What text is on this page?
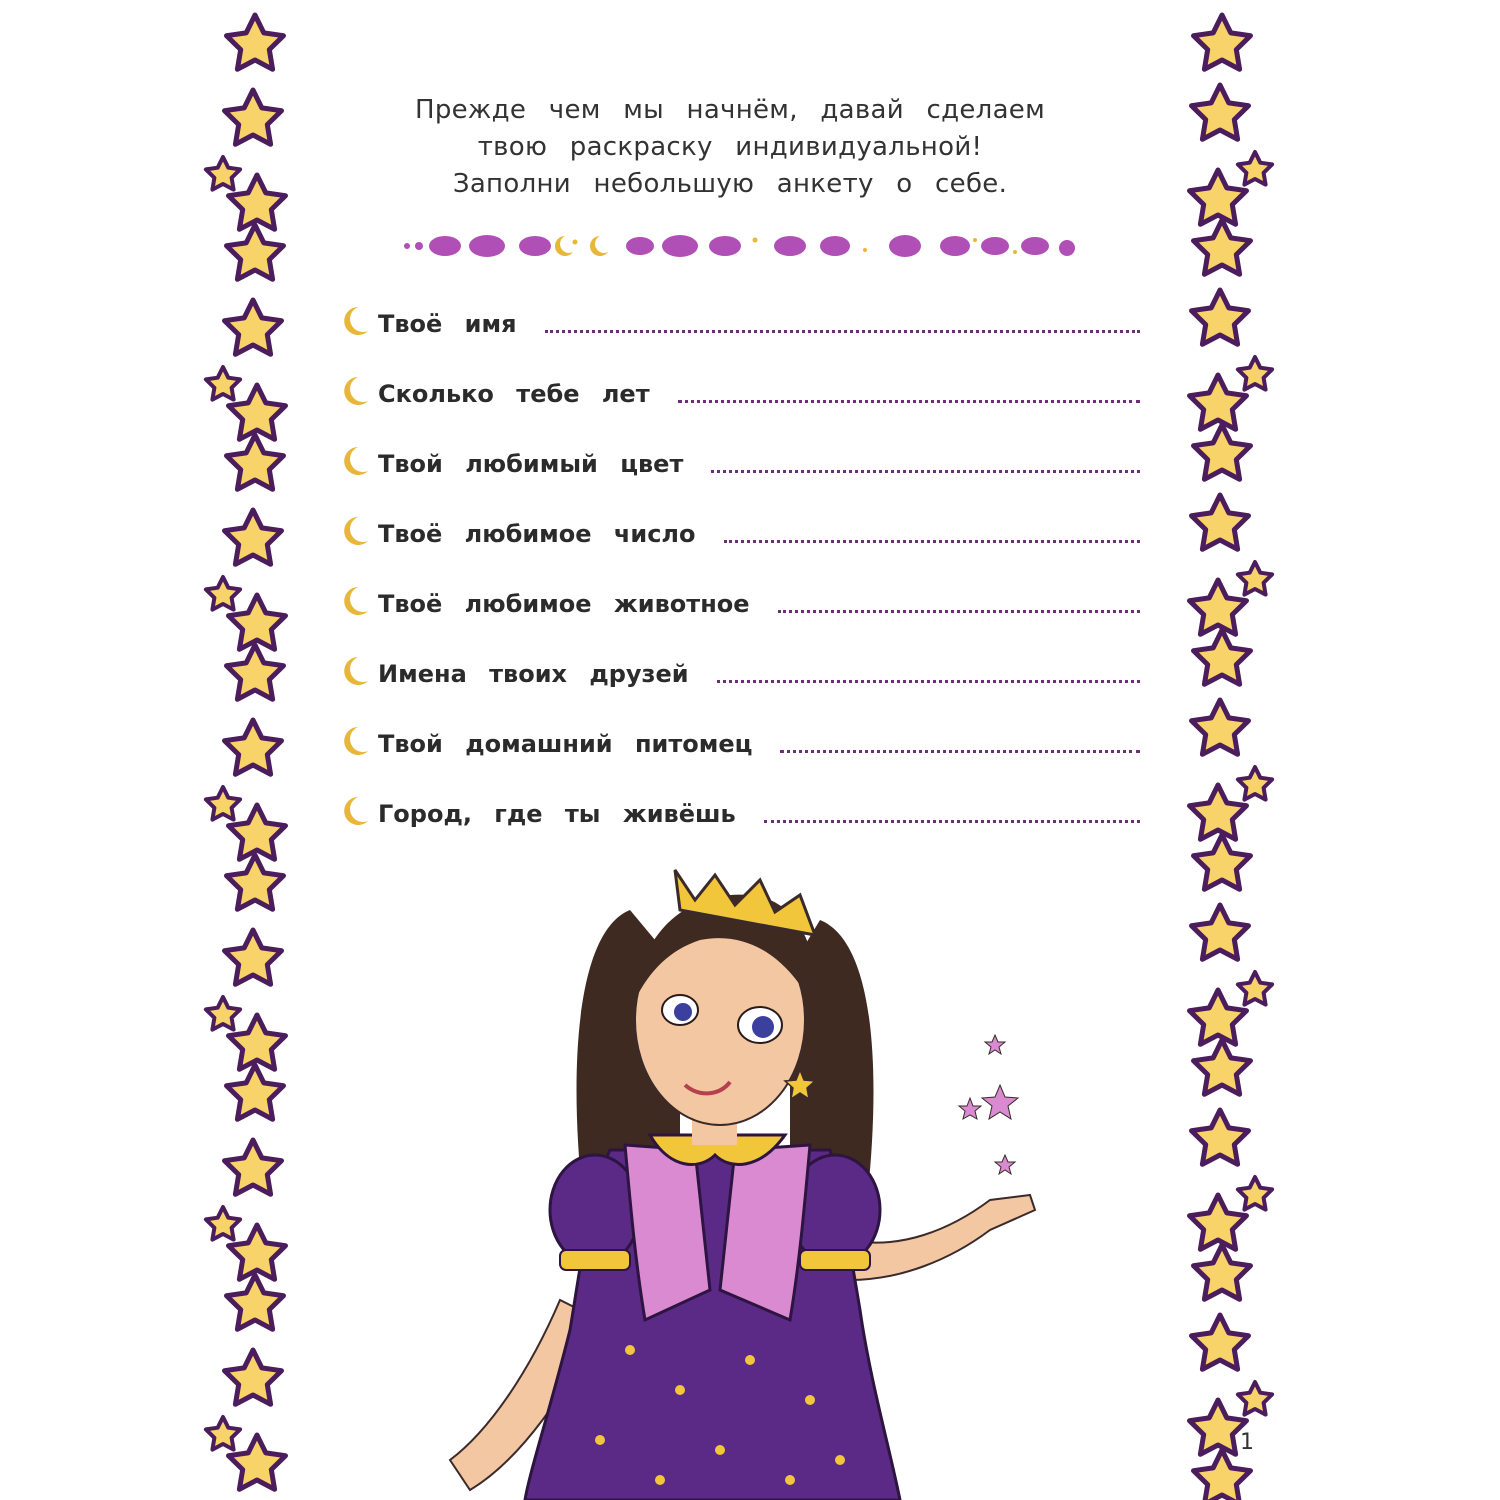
Прежде чем мы начнём, давай сделаем
твою раскраску индивидуальной!
Заполни небольшую анкету о себе.
Твоё имя
Сколько тебе лет
Твой любимый цвет
Твоё любимое число
Твоё любимое животное
Имена твоих друзей
Твой домашний питомец
Город, где ты живёшь
1
